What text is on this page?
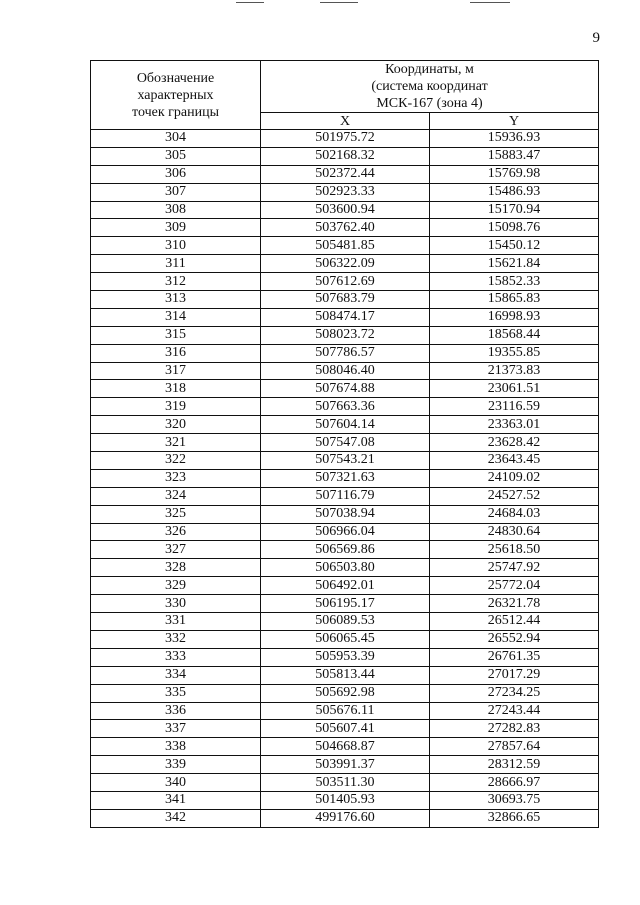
9
Обозначение
характерных
точек границы	Координаты, м
(система координат
МСК-167 (зона 4)	

	X	Y
304	501975.72	15936.93
305	502168.32	15883.47
306	502372.44	15769.98
307	502923.33	15486.93
308	503600.94	15170.94
309	503762.40	15098.76
310	505481.85	15450.12
311	506322.09	15621.84
312	507612.69	15852.33
313	507683.79	15865.83
314	508474.17	16998.93
315	508023.72	18568.44
316	507786.57	19355.85
317	508046.40	21373.83
318	507674.88	23061.51
319	507663.36	23116.59
320	507604.14	23363.01
321	507547.08	23628.42
322	507543.21	23643.45
323	507321.63	24109.02
324	507116.79	24527.52
325	507038.94	24684.03
326	506966.04	24830.64
327	506569.86	25618.50
328	506503.80	25747.92
329	506492.01	25772.04
330	506195.17	26321.78
331	506089.53	26512.44
332	506065.45	26552.94
333	505953.39	26761.35
334	505813.44	27017.29
335	505692.98	27234.25
336	505676.11	27243.44
337	505607.41	27282.83
338	504668.87	27857.64
339	503991.37	28312.59
340	503511.30	28666.97
341	501405.93	30693.75
342	499176.60	32866.65
